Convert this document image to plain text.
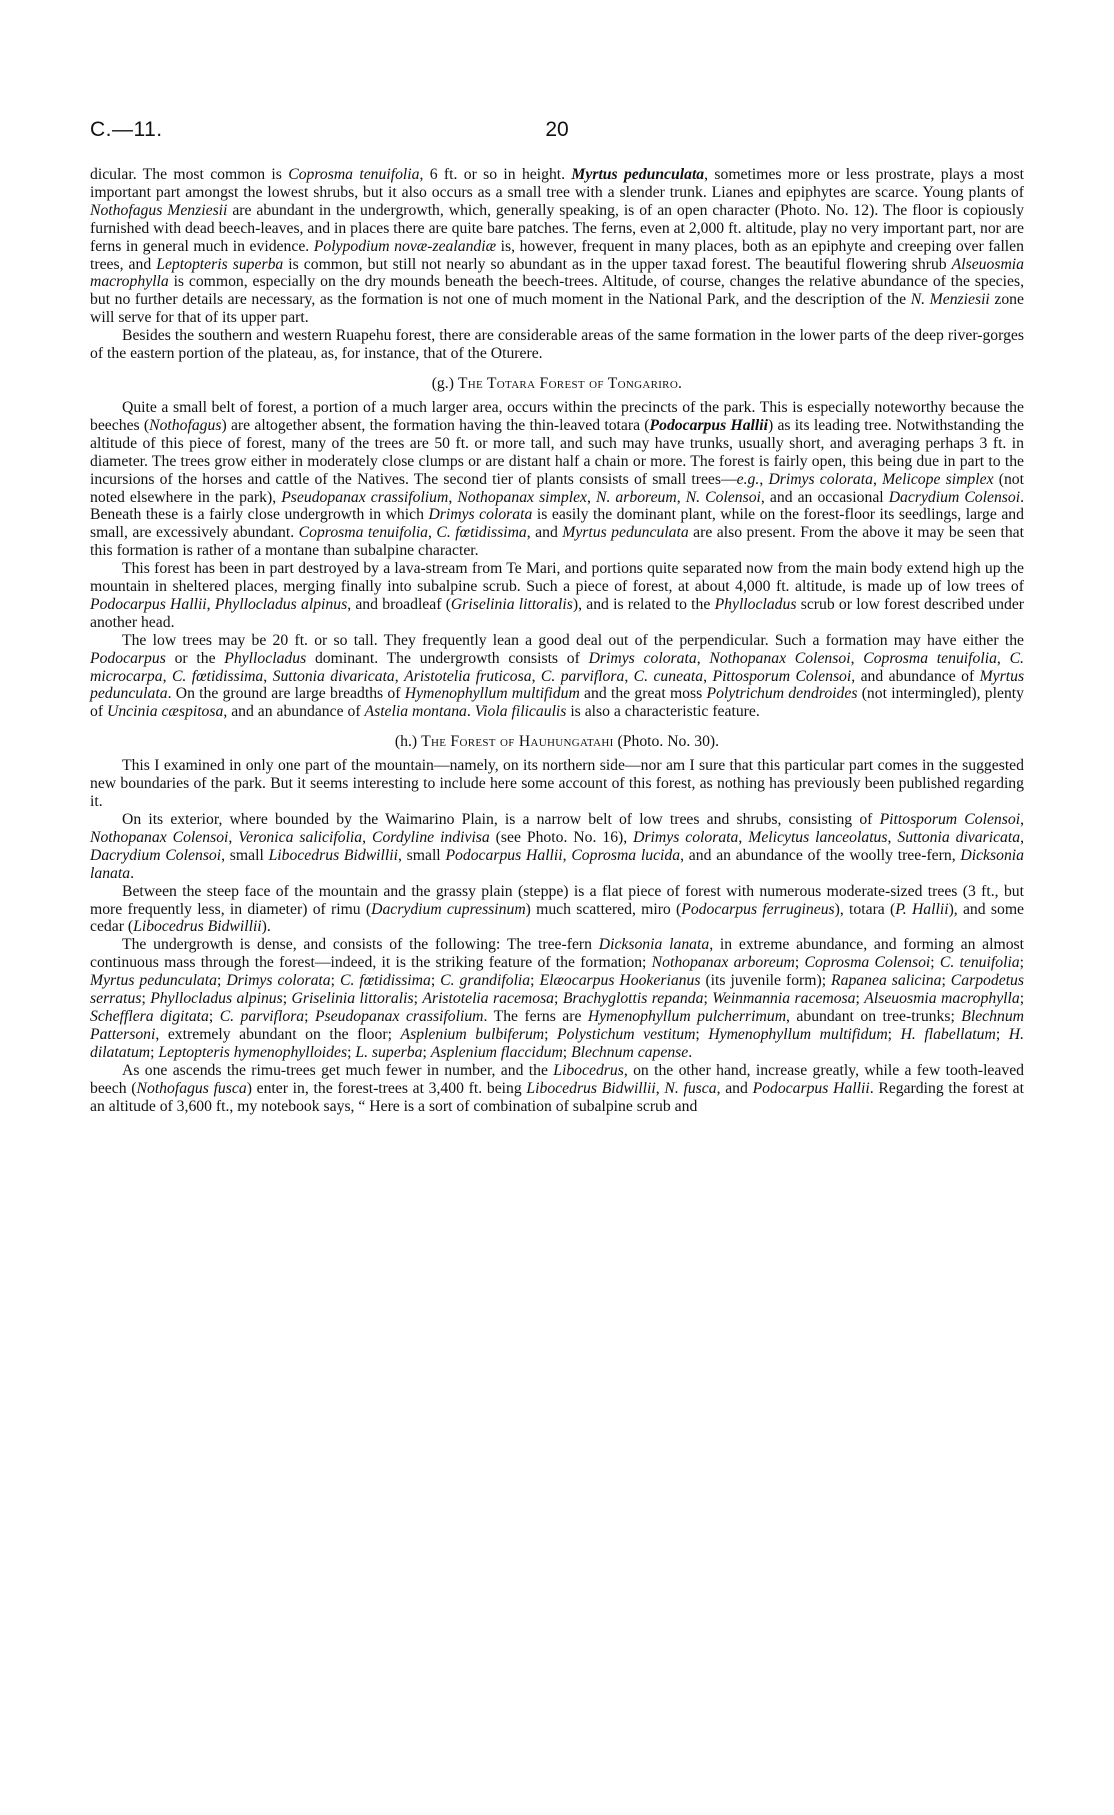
C.—11.	20

dicular. The most common is Coprosma tenuifolia, 6 ft. or so in height. Myrtus pedunculata, sometimes more or less prostrate, plays a most important part amongst the lowest shrubs, but it also occurs as a small tree with a slender trunk. Lianes and epiphytes are scarce. Young plants of Nothofagus Menziesii are abundant in the undergrowth, which, generally speaking, is of an open character (Photo. No. 12). The floor is copiously furnished with dead beech-leaves, and in places there are quite bare patches. The ferns, even at 2,000 ft. altitude, play no very important part, nor are ferns in general much in evidence. Polypodium novæ-zealandiæ is, however, frequent in many places, both as an epiphyte and creeping over fallen trees, and Leptopteris superba is common, but still not nearly so abundant as in the upper taxad forest. The beautiful flowering shrub Alseuosmia macrophylla is common, especially on the dry mounds beneath the beech-trees. Altitude, of course, changes the relative abundance of the species, but no further details are necessary, as the formation is not one of much moment in the National Park, and the description of the N. Menziesii zone will serve for that of its upper part.

Besides the southern and western Ruapehu forest, there are considerable areas of the same formation in the lower parts of the deep river-gorges of the eastern portion of the plateau, as, for instance, that of the Oturere.

(g.) The Totara Forest of Tongariro.

Quite a small belt of forest, a portion of a much larger area, occurs within the precincts of the park. This is especially noteworthy because the beeches (Nothofagus) are altogether absent, the formation having the thin-leaved totara (Podocarpus Hallii) as its leading tree. Notwithstanding the altitude of this piece of forest, many of the trees are 50 ft. or more tall, and such may have trunks, usually short, and averaging perhaps 3 ft. in diameter. The trees grow either in moderately close clumps or are distant half a chain or more. The forest is fairly open, this being due in part to the incursions of the horses and cattle of the Natives. The second tier of plants consists of small trees—e.g., Drimys colorata, Melicope simplex (not noted elsewhere in the park), Pseudopanax crassifolium, Nothopanax simplex, N. arboreum, N. Colensoi, and an occasional Dacrydium Colensoi. Beneath these is a fairly close undergrowth in which Drimys colorata is easily the dominant plant, while on the forest-floor its seedlings, large and small, are excessively abundant. Coprosma tenuifolia, C. fœtidissima, and Myrtus pedunculata are also present. From the above it may be seen that this formation is rather of a montane than subalpine character.

This forest has been in part destroyed by a lava-stream from Te Mari, and portions quite separated now from the main body extend high up the mountain in sheltered places, merging finally into subalpine scrub. Such a piece of forest, at about 4,000 ft. altitude, is made up of low trees of Podocarpus Hallii, Phyllocladus alpinus, and broadleaf (Griselinia littoralis), and is related to the Phyllocladus scrub or low forest described under another head.

The low trees may be 20 ft. or so tall. They frequently lean a good deal out of the perpendicular. Such a formation may have either the Podocarpus or the Phyllocladus dominant. The undergrowth consists of Drimys colorata, Nothopanax Colensoi, Coprosma tenuifolia, C. microcarpa, C. fœtidissima, Suttonia divaricata, Aristotelia fruticosa, C. parviflora, C. cuneata, Pittosporum Colensoi, and abundance of Myrtus pedunculata. On the ground are large breadths of Hymenophyllum multifidum and the great moss Polytrichum dendroides (not intermingled), plenty of Uncinia cæspitosa, and an abundance of Astelia montana. Viola filicaulis is also a characteristic feature.

(h.) The Forest of Hauhungatahi (Photo. No. 30).

This I examined in only one part of the mountain—namely, on its northern side—nor am I sure that this particular part comes in the suggested new boundaries of the park. But it seems interesting to include here some account of this forest, as nothing has previously been published regarding it.

On its exterior, where bounded by the Waimarino Plain, is a narrow belt of low trees and shrubs, consisting of Pittosporum Colensoi, Nothopanax Colensoi, Veronica salicifolia, Cordyline indivisa (see Photo. No. 16), Drimys colorata, Melicytus lanceolatus, Suttonia divaricata, Dacrydium Colensoi, small Libocedrus Bidwillii, small Podocarpus Hallii, Coprosma lucida, and an abundance of the woolly tree-fern, Dicksonia lanata.

Between the steep face of the mountain and the grassy plain (steppe) is a flat piece of forest with numerous moderate-sized trees (3 ft., but more frequently less, in diameter) of rimu (Dacrydium cupressinum) much scattered, miro (Podocarpus ferrugineus), totara (P. Hallii), and some cedar (Libocedrus Bidwillii).

The undergrowth is dense, and consists of the following: The tree-fern Dicksonia lanata, in extreme abundance, and forming an almost continuous mass through the forest—indeed, it is the striking feature of the formation; Nothopanax arboreum; Coprosma Colensoi; C. tenuifolia; Myrtus pedunculata; Drimys colorata; C. fœtidissima; C. grandifolia; Elæocarpus Hookerianus (its juvenile form); Rapanea salicina; Carpodetus serratus; Phyllocladus alpinus; Griselinia littoralis; Aristotelia racemosa; Brachyglottis repanda; Weinmannia racemosa; Alseuosmia macrophylla; Schefflera digitata; C. parviflora; Pseudopanax crassifolium. The ferns are Hymenophyllum pulcherrimum, abundant on tree-trunks; Blechnum Pattersoni, extremely abundant on the floor; Asplenium bulbiferum; Polystichum vestitum; Hymenophyllum multifidum; H. flabellatum; H. dilatatum; Leptopteris hymenophylloides; L. superba; Asplenium flaccidum; Blechnum capense.

As one ascends the rimu-trees get much fewer in number, and the Libocedrus, on the other hand, increase greatly, while a few tooth-leaved beech (Nothofagus fusca) enter in, the forest-trees at 3,400 ft. being Libocedrus Bidwillii, N. fusca, and Podocarpus Hallii. Regarding the forest at an altitude of 3,600 ft., my notebook says, “ Here is a sort of combination of subalpine scrub and
